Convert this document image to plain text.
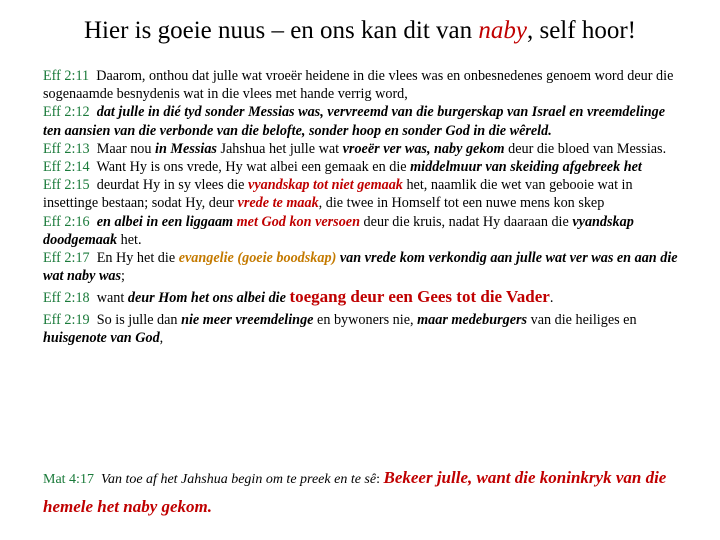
Hier is goeie nuus – en ons kan dit van naby, self hoor!

Eff 2:11 Daarom, onthou dat julle wat vroeër heidene in die vlees was en onbesnedenes genoem word deur die sogenaamde besnydenis wat in die vlees met hande verrig word,

Eff 2:12 dat julle in dié tyd sonder Messias was, vervreemd van die burgerskap van Israel en vreemdelinge ten aansien van die verbonde van die belofte, sonder hoop en sonder God in die wêreld.

Eff 2:13 Maar nou in Messias Jahshua het julle wat vroeër ver was, naby gekom deur die bloed van Messias.

Eff 2:14 Want Hy is ons vrede, Hy wat albei een gemaak en die middelmuur van skeiding afgebreek het

Eff 2:15 deurdat Hy in sy vlees die vyandskap tot niet gemaak het, naamlik die wet van gebooie wat in insettinge bestaan; sodat Hy, deur vrede te maak, die twee in Homself tot een nuwe mens kon skep

Eff 2:16 en albei in een liggaam met God kon versoen deur die kruis, nadat Hy daaraan die vyandskap doodgemaak het.

Eff 2:17 En Hy het die evangelie (goeie boodskap) van vrede kom verkondig aan julle wat ver was en aan die wat naby was;

Eff 2:18 want deur Hom het ons albei die toegang deur een Gees tot die Vader.

Eff 2:19 So is julle dan nie meer vreemdelinge en bywoners nie, maar medeburgers van die heiliges en huisgenote van God,

Mat 4:17 Van toe af het Jahshua begin om te preek en te sê: Bekeer julle, want die koninkryk van die hemele het naby gekom.
